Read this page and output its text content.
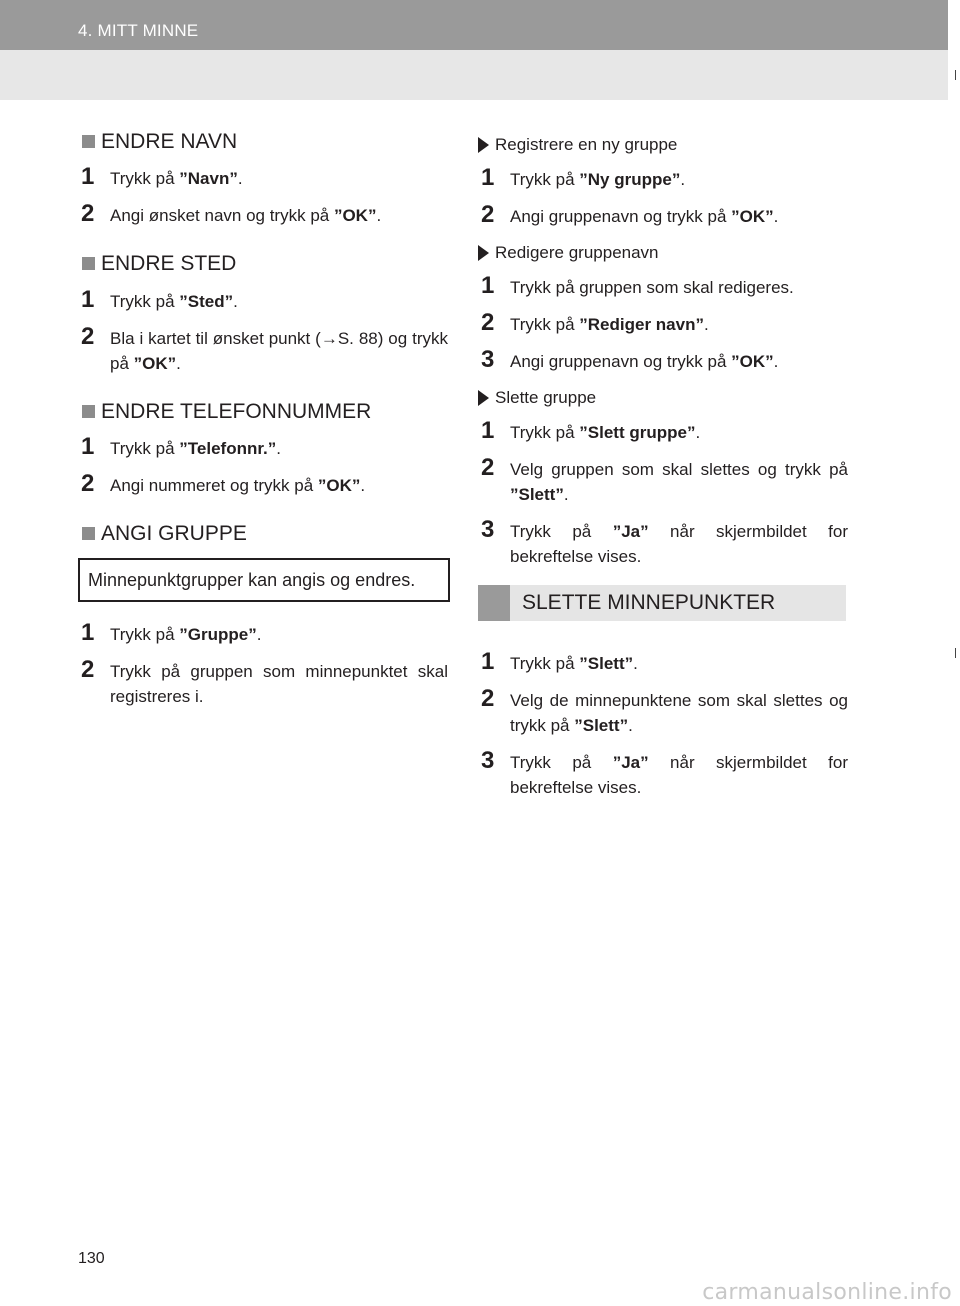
4. MITT MINNE
ENDRE NAVN
1 Trykk på ”Navn”.
2 Angi ønsket navn og trykk på ”OK”.
ENDRE STED
1 Trykk på ”Sted”.
2 Bla i kartet til ønsket punkt (→S. 88) og trykk på ”OK”.
ENDRE TELEFONNUMMER
1 Trykk på ”Telefonnr.”.
2 Angi nummeret og trykk på ”OK”.
ANGI GRUPPE
Minnepunktgrupper kan angis og endres.
1 Trykk på ”Gruppe”.
2 Trykk på gruppen som minnepunktet skal registreres i.
Registrere en ny gruppe
1 Trykk på ”Ny gruppe”.
2 Angi gruppenavn og trykk på ”OK”.
Redigere gruppenavn
1 Trykk på gruppen som skal redigeres.
2 Trykk på ”Rediger navn”.
3 Angi gruppenavn og trykk på ”OK”.
Slette gruppe
1 Trykk på ”Slett gruppe”.
2 Velg gruppen som skal slettes og trykk på ”Slett”.
3 Trykk på ”Ja” når skjermbildet for bekreftelse vises.
SLETTE MINNEPUNKTER
1 Trykk på ”Slett”.
2 Velg de minnepunktene som skal slettes og trykk på ”Slett”.
3 Trykk på ”Ja” når skjermbildet for bekreftelse vises.
130
carmanualsonline.info
